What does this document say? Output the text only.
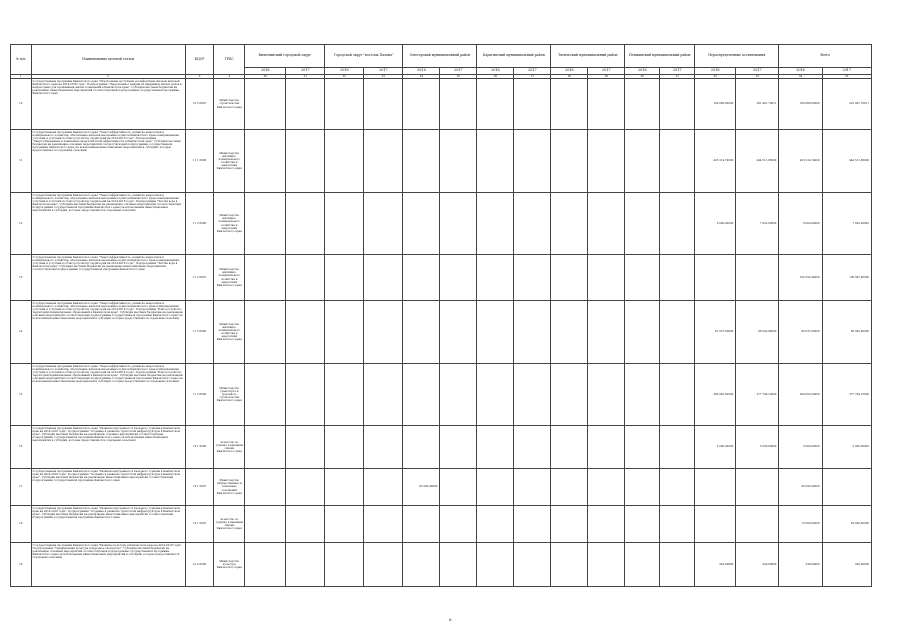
№ п/п	Наименование целевой статьи	КЦСР	ГРБС	Вилючинский городской округ		Городской округ "поселок Палана"		Олюторский муниципальный район		Карагинский муниципальный район		Тигильский муниципальный район		Пенжинский муниципальный район		Нераспределенные ассигнования		Всего	
				2016	2017	2016	2017	2016	2017	2016	2017	2016	2017	2016	2017	2016	2017	2016	2017
1	2	3	4	20	21	22	23	24	25	26	27	28	29	30	31	32	33	34	35
10	Государственная программа Камчатского края "Обеспечение доступным и комфортным жильем жителей Камчатского края на 2014-2018 годы". Подпрограмма "Переселение граждан из аварийных жилых домов и непригодных для проживания жилых помещений в Камчатском крае". Субсидии местным бюджетам на реализацию инвестиционных мероприятий соответствующей подпрограммы государственной программы Камчатского края	10 5 6007	Министерство строительства Камчатского края													190 080,00000	291 461,70611	190 080,00000	291 461,70611
11	Государственная программа Камчатского края "Энергоэффективность, развитие энергетики и коммунального хозяйства, обеспечение жителей населенных пунктов Камчатского края коммунальными услугами и услугами по благоустройству территорий на 2014-2018 годы". Подпрограмма "Энергосбережение и повышение энергетической эффективности в Камчатском крае". Субсидии местным бюджетам на реализацию основных мероприятий соответствующей подпрограммы государственной программы Камчатского края (за исключением инвестиционных мероприятий и субсидий, которые предоставляются отдельным сельским)	11 1 6006	Министерство жилищно-коммунального хозяйства и энергетики Камчатского края													423 214,74000	444 511,86000	423 214,74000	444 511,86000
12	Государственная программа Камчатского края "Энергоэффективность, развитие энергетики и коммунального хозяйства, обеспечение жителей населенных пунктов Камчатского края коммунальными услугами и услугами по благоустройству территорий на 2014-2018 годы". Подпрограмма "Чистая вода в Камчатском крае". Субсидии местным бюджетам на реализацию основных мероприятий соответствующей подпрограммы государственной программы Камчатского края (за исключением инвестиционных мероприятий и субсидий, которые предоставляются отдельным сельским)	11 2 6006	Министерство жилищно-коммунального хозяйства и энергетики Камчатского края													6 000,00000	7 022,00000	6 000,00000	7 022,00000
13	Государственная программа Камчатского края "Энергоэффективность, развитие энергетики и коммунального хозяйства, обеспечение жителей населенных пунктов Камчатского края коммунальными услугами и услугами по благоустройству территорий на 2014-2018 годы". Подпрограмма "Чистая вода в Камчатском крае". Субсидии местным бюджетам на реализацию инвестиционных мероприятий соответствующей подпрограммы государственной программы Камчатского края	11 2 6007	Министерство жилищно-коммунального хозяйства и энергетики Камчатского края															100 292,40000	100 097,00000
14	Государственная программа Камчатского края "Энергоэффективность, развитие энергетики и коммунального хозяйства, обеспечение жителей населенных пунктов Камчатского края коммунальными услугами и услугами по благоустройству территорий на 2014-2018 годы". Подпрограмма "Благоустройство территорий муниципальных образований в Камчатском крае". Субсидии местным бюджетам на реализацию основных мероприятий соответствующей подпрограммы государственной программы Камчатского края (за исключением инвестиционных мероприятий и субсидий, которые предоставляются отдельным сельским)	11 5 6006	Министерство жилищно-коммунального хозяйства и энергетики Камчатского края													81 037,60000	86 092,96000	86 037,60000	86 092,96000
15	Государственная программа Камчатского края "Энергоэффективность, развитие энергетики и коммунального хозяйства, обеспечение жителей населенных пунктов Камчатского края коммунальными услугами и услугами по благоустройству территорий на 2014-2018 годы". Подпрограмма "Благоустройство территорий муниципальных образований в Камчатском крае". Субсидии местным бюджетам на реализацию основных мероприятий соответствующей подпрограммы государственной программы Камчатского края (за исключением инвестиционных мероприятий и субсидий, которые предоставляются отдельным сельским)	11 5 6006	Министерство транспорта и дорожного строительства Камчатского края													264 062,00000	277 794,10000	264 062,00000	277 794,10000
16	Государственная программа Камчатского края "Развитие внутреннего и въездного туризма в Камчатском крае на 2014-2018 годы". Подпрограмма "Создание и развитие туристской инфраструктуры в Камчатском крае". Субсидии местным бюджетам на реализацию основных мероприятий соответствующей подпрограммы государственной программы Камчатского края (за исключением инвестиционных мероприятий и субсидий, которые предоставляются отдельным сельским)	19 1 6006	Агентство по туризму и внешним связям Камчатского края													5 000,00000	5 000,00000	5 000,00000	5 000,00000
17	Государственная программа Камчатского края "Развитие внутреннего и въездного туризма в Камчатском крае на 2014-2018 годы". Подпрограмма "Создание и развитие туристской инфраструктуры в Камчатском крае". Субсидии местным бюджетам на реализацию инвестиционных мероприятий соответствующей подпрограммы государственной программы Камчатского края	19 1 6007	Министерство имущественных и земельных отношений Камчатского края					63 592,90000										69 592,90000	
18	Государственная программа Камчатского края "Развитие внутреннего и въездного туризма в Камчатском крае на 2014-2018 годы". Подпрограмма "Создание и развитие туристской инфраструктуры в Камчатском крае". Субсидии местным бюджетам на реализацию инвестиционных мероприятий соответствующей подпрограммы государственной программы Камчатского края	19 1 6007	Агентство по туризму и внешним связям Камчатского края															13 000,00000	29 000,00000
19	Государственная программа Камчатского края "Развитие культуры в Камчатском крае на 2014-2018 годы". Подпрограмма "Традиционная культура и народное творчество". Субсидии местным бюджетам на реализацию основных мероприятий соответствующей подпрограммы государственной программы Камчатского края (за исключением инвестиционных мероприятий и субсидий, которые предоставляются отдельным сельским)	21 4 6006	Министерство культуры Камчатского края													240,00000	240,00000	240,00000	240,00000
6
